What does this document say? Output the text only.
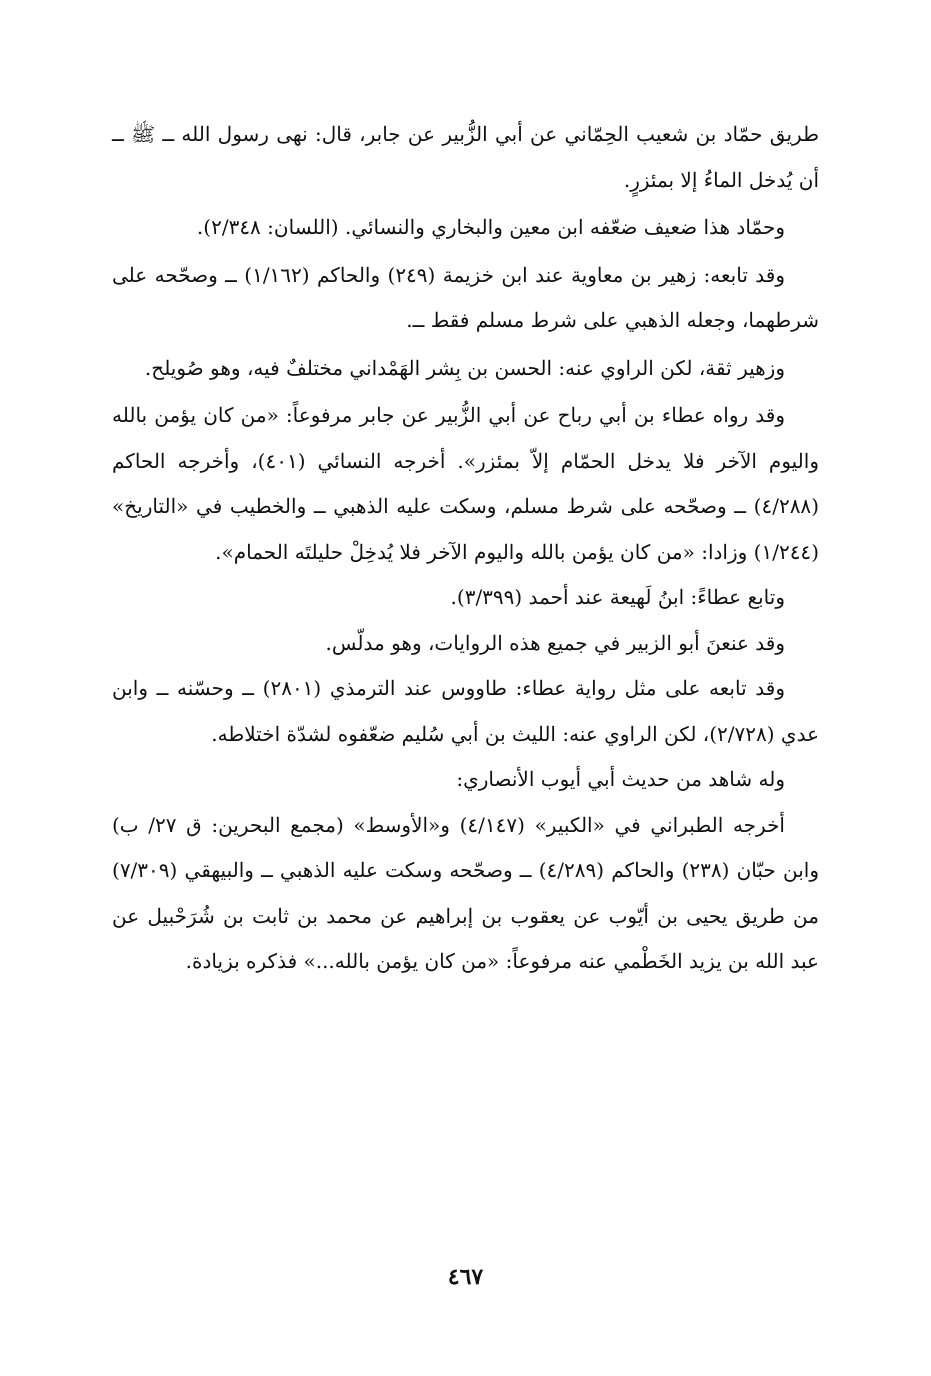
طريق حمّاد بن شعيب الحِمّاني عن أبي الزُّبير عن جابر، قال: نهى رسول الله ــ ﷺ ــ أن يُدخل الماءُ إلا بمئزرٍ.

وحمّاد هذا ضعيف ضعّفه ابن معين والبخاري والنسائي. (اللسان: ٢/٣٤٨).

وقد تابعه: زهير بن معاوية عند ابن خزيمة (٢٤٩) والحاكم (١/١٦٢) ــ وصحّحه على شرطهما، وجعله الذهبي على شرط مسلم فقط ــ.

وزهير ثقة، لكن الراوي عنه: الحسن بن بِشر الهَمْداني مختلفٌ فيه، وهو صُويلح.

وقد رواه عطاء بن أبي رباح عن أبي الزُّبير عن جابر مرفوعاً: «من كان يؤمن بالله واليوم الآخر فلا يدخل الحمّام إلاّ بمئزر». أخرجه النسائي (٤٠١)، وأخرجه الحاكم (٤/٢٨٨) ــ وصحّحه على شرط مسلم، وسكت عليه الذهبي ــ والخطيب في «التاريخ» (١/٢٤٤) وزادا: «من كان يؤمن بالله واليوم الآخر فلا يُدخِلْ حليلتَه الحمام».

وتابع عطاءً: ابنُ لَهيعة عند أحمد (٣/٣٩٩).

وقد عنعنَ أبو الزبير في جميع هذه الروايات، وهو مدلّس.

وقد تابعه على مثل رواية عطاء: طاووس عند الترمذي (٢٨٠١) ــ وحسّنه ــ وابن عدي (٢/٧٢٨)، لكن الراوي عنه: الليث بن أبي سُليم ضعّفوه لشدّة اختلاطه.

وله شاهد من حديث أبي أيوب الأنصاري:

أخرجه الطبراني في «الكبير» (٤/١٤٧) و«الأوسط» (مجمع البحرين: ق ٢٧/ ب) وابن حبّان (٢٣٨) والحاكم (٤/٢٨٩) ــ وصحّحه وسكت عليه الذهبي ــ والبيهقي (٧/٣٠٩) من طريق يحيى بن أيّوب عن يعقوب بن إبراهيم عن محمد بن ثابت بن شُرَحْبيل عن عبد الله بن يزيد الخَطْمي عنه مرفوعاً: «من كان يؤمن بالله...» فذكره بزيادة.

٤٦٧
